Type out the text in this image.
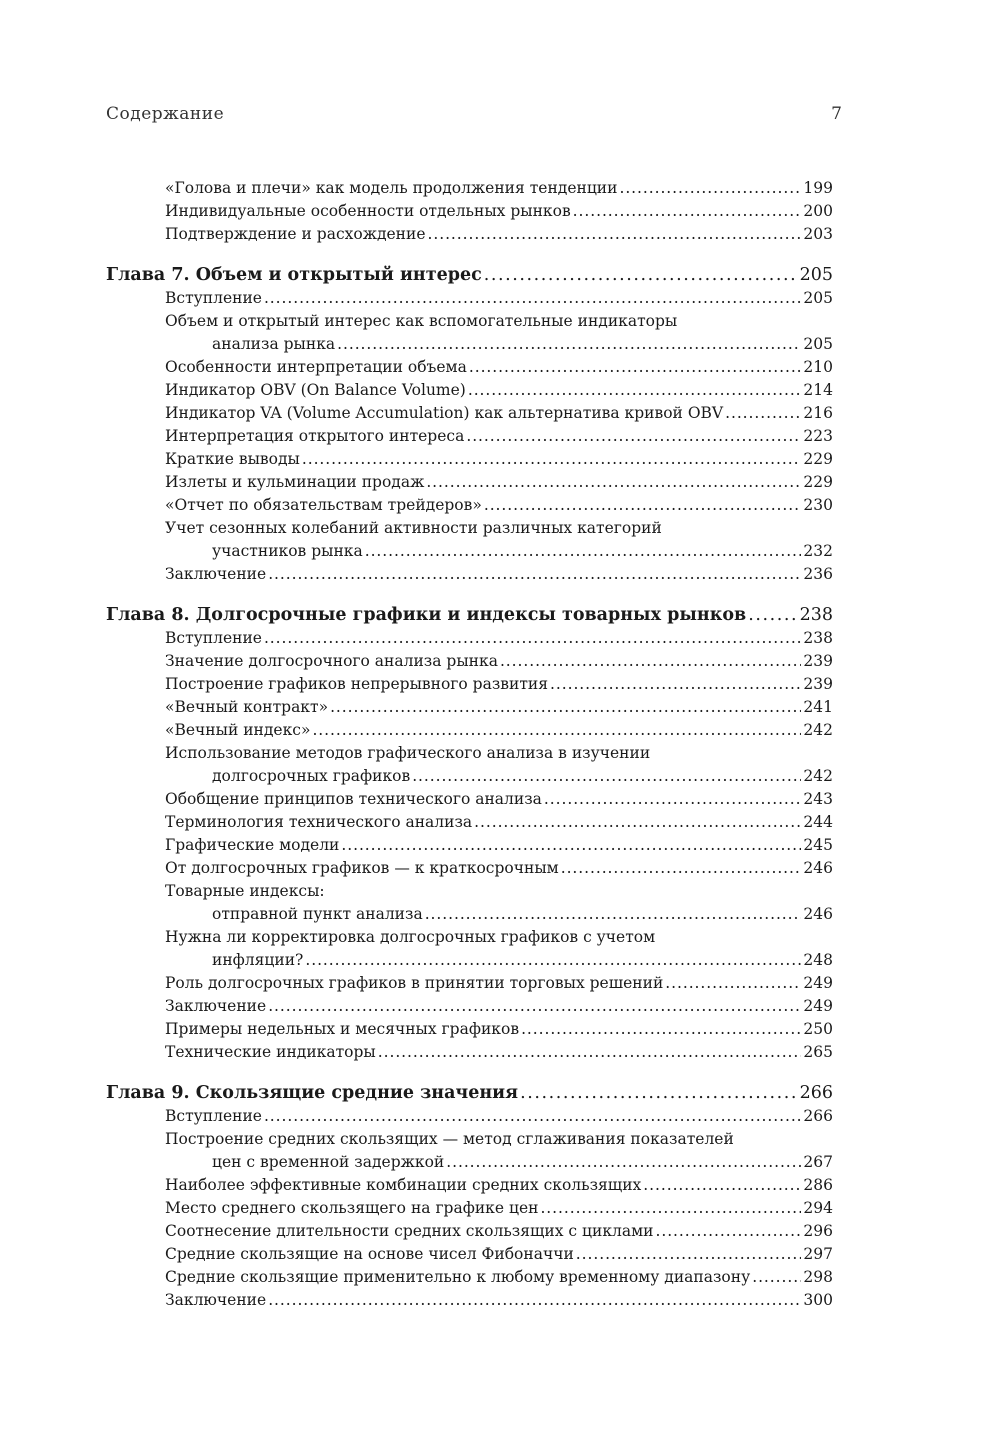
Содержание	7
«Голова и плечи» как модель продолжения тенденции . . .	199
Индивидуальные особенности отдельных рынков . . .	200
Подтверждение и расхождение . . .	203
Глава 7. Объем и открытый интерес . . .	205
Вступление . . .	205
Объем и открытый интерес как вспомогательные индикаторы
анализа рынка . . .	205
Особенности интерпретации объема . . .	210
Индикатор OBV (On Balance Volume) . . .	214
Индикатор VA (Volume Accumulation) как альтернатива кривой OBV . . .	216
Интерпретация открытого интереса . . .	223
Краткие выводы . . .	229
Излеты и кульминации продаж . . .	229
«Отчет по обязательствам трейдеров» . . .	230
Учет сезонных колебаний активности различных категорий
участников рынка . . .	232
Заключение . . .	236
Глава 8. Долгосрочные графики и индексы товарных рынков . . .	238
Вступление . . .	238
Значение долгосрочного анализа рынка . . .	239
Построение графиков непрерывного развития . . .	239
«Вечный контракт» . . .	241
«Вечный индекс» . . .	242
Использование методов графического анализа в изучении
долгосрочных графиков . . .	242
Обобщение принципов технического анализа . . .	243
Терминология технического анализа . . .	244
Графические модели . . .	245
От долгосрочных графиков — к краткосрочным . . .	246
Товарные индексы:
отправной пункт анализа . . .	246
Нужна ли корректировка долгосрочных графиков с учетом
инфляции? . . .	248
Роль долгосрочных графиков в принятии торговых решений . . .	249
Заключение . . .	249
Примеры недельных и месячных графиков . . .	250
Технические индикаторы . . .	265
Глава 9. Скользящие средние значения . . .	266
Вступление . . .	266
Построение средних скользящих — метод сглаживания показателей
цен с временной задержкой . . .	267
Наиболее эффективные комбинации средних скользящих . . .	286
Место среднего скользящего на графике цен . . .	294
Соотнесение длительности средних скользящих с циклами . . .	296
Средние скользящие на основе чисел Фибоначчи . . .	297
Средние скользящие применительно к любому временному диапазону . . .	298
Заключение . . .	300
